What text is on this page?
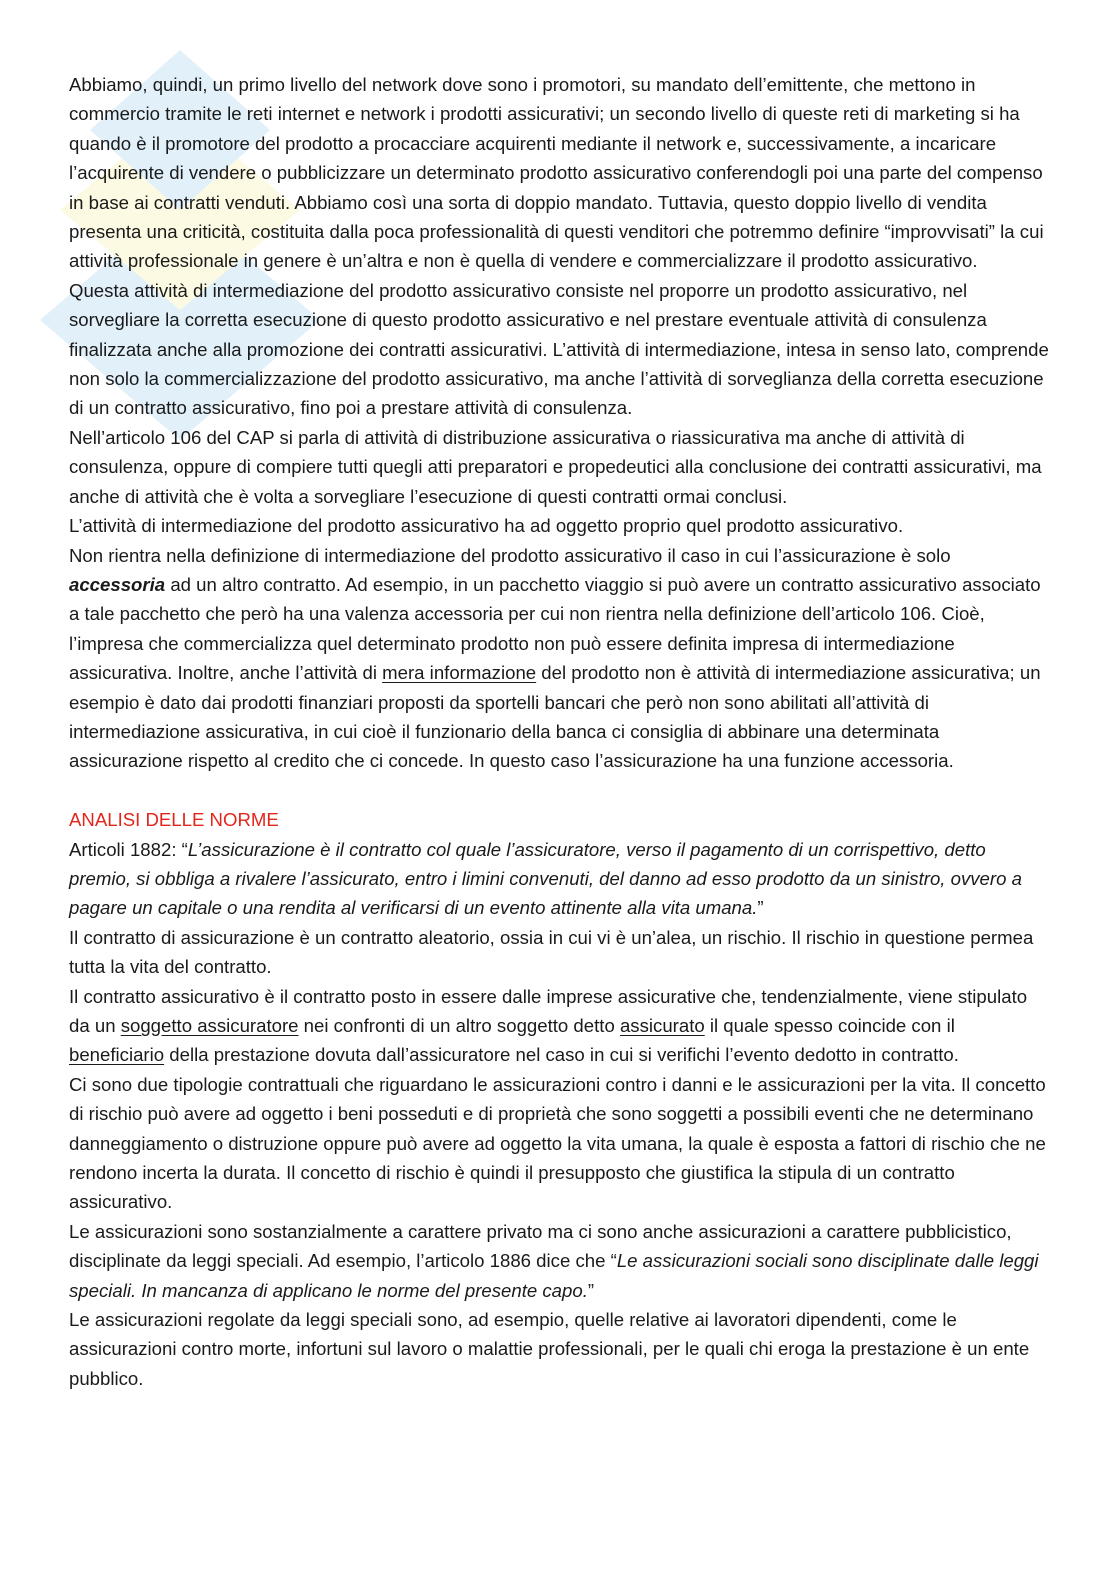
Abbiamo, quindi, un primo livello del network dove sono i promotori, su mandato dell’emittente, che mettono in commercio tramite le reti internet e network i prodotti assicurativi; un secondo livello di queste reti di marketing si ha quando è il promotore del prodotto a procacciare acquirenti mediante il network e, successivamente, a incaricare l’acquirente di vendere o pubblicizzare un determinato prodotto assicurativo conferendogli poi una parte del compenso in base ai contratti venduti. Abbiamo così una sorta di doppio mandato. Tuttavia, questo doppio livello di vendita presenta una criticità, costituita dalla poca professionalità di questi venditori che potremmo definire “improvvisati” la cui attività professionale in genere è un’altra e non è quella di vendere e commercializzare il prodotto assicurativo.

Questa attività di intermediazione del prodotto assicurativo consiste nel proporre un prodotto assicurativo, nel sorvegliare la corretta esecuzione di questo prodotto assicurativo e nel prestare eventuale attività di consulenza finalizzata anche alla promozione dei contratti assicurativi. L’attività di intermediazione, intesa in senso lato, comprende non solo la commercializzazione del prodotto assicurativo, ma anche l’attività di sorveglianza della corretta esecuzione di un contratto assicurativo, fino poi a prestare attività di consulenza.

Nell’articolo 106 del CAP si parla di attività di distribuzione assicurativa o riassicurativa ma anche di attività di consulenza, oppure di compiere tutti quegli atti preparatori e propedeutici alla conclusione dei contratti assicurativi, ma anche di attività che è volta a sorvegliare l’esecuzione di questi contratti ormai conclusi.

L’attività di intermediazione del prodotto assicurativo ha ad oggetto proprio quel prodotto assicurativo.

Non rientra nella definizione di intermediazione del prodotto assicurativo il caso in cui l’assicurazione è solo accessoria ad un altro contratto. Ad esempio, in un pacchetto viaggio si può avere un contratto assicurativo associato a tale pacchetto che però ha una valenza accessoria per cui non rientra nella definizione dell’articolo 106. Cioè, l’impresa che commercializza quel determinato prodotto non può essere definita impresa di intermediazione assicurativa. Inoltre, anche l’attività di mera informazione del prodotto non è attività di intermediazione assicurativa; un esempio è dato dai prodotti finanziari proposti da sportelli bancari che però non sono abilitati all’attività di intermediazione assicurativa, in cui cioè il funzionario della banca ci consiglia di abbinare una determinata assicurazione rispetto al credito che ci concede. In questo caso l’assicurazione ha una funzione accessoria.

ANALISI DELLE NORME

Articoli 1882: “L’assicurazione è il contratto col quale l’assicuratore, verso il pagamento di un corrispettivo, detto premio, si obbliga a rivalere l’assicurato, entro i limini convenuti, del danno ad esso prodotto da un sinistro, ovvero a pagare un capitale o una rendita al verificarsi di un evento attinente alla vita umana.”

Il contratto di assicurazione è un contratto aleatorio, ossia in cui vi è un’alea, un rischio. Il rischio in questione permea tutta la vita del contratto.

Il contratto assicurativo è il contratto posto in essere dalle imprese assicurative che, tendenzialmente, viene stipulato da un soggetto assicuratore nei confronti di un altro soggetto detto assicurato il quale spesso coincide con il beneficiario della prestazione dovuta dall’assicuratore nel caso in cui si verifichi l’evento dedotto in contratto.

Ci sono due tipologie contrattuali che riguardano le assicurazioni contro i danni e le assicurazioni per la vita. Il concetto di rischio può avere ad oggetto i beni posseduti e di proprietà che sono soggetti a possibili eventi che ne determinano danneggiamento o distruzione oppure può avere ad oggetto la vita umana, la quale è esposta a fattori di rischio che ne rendono incerta la durata. Il concetto di rischio è quindi il presupposto che giustifica la stipula di un contratto assicurativo.

Le assicurazioni sono sostanzialmente a carattere privato ma ci sono anche assicurazioni a carattere pubblicistico, disciplinate da leggi speciali. Ad esempio, l’articolo 1886 dice che “Le assicurazioni sociali sono disciplinate dalle leggi speciali. In mancanza di applicano le norme del presente capo.”

Le assicurazioni regolate da leggi speciali sono, ad esempio, quelle relative ai lavoratori dipendenti, come le assicurazioni contro morte, infortuni sul lavoro o malattie professionali, per le quali chi eroga la prestazione è un ente pubblico.
